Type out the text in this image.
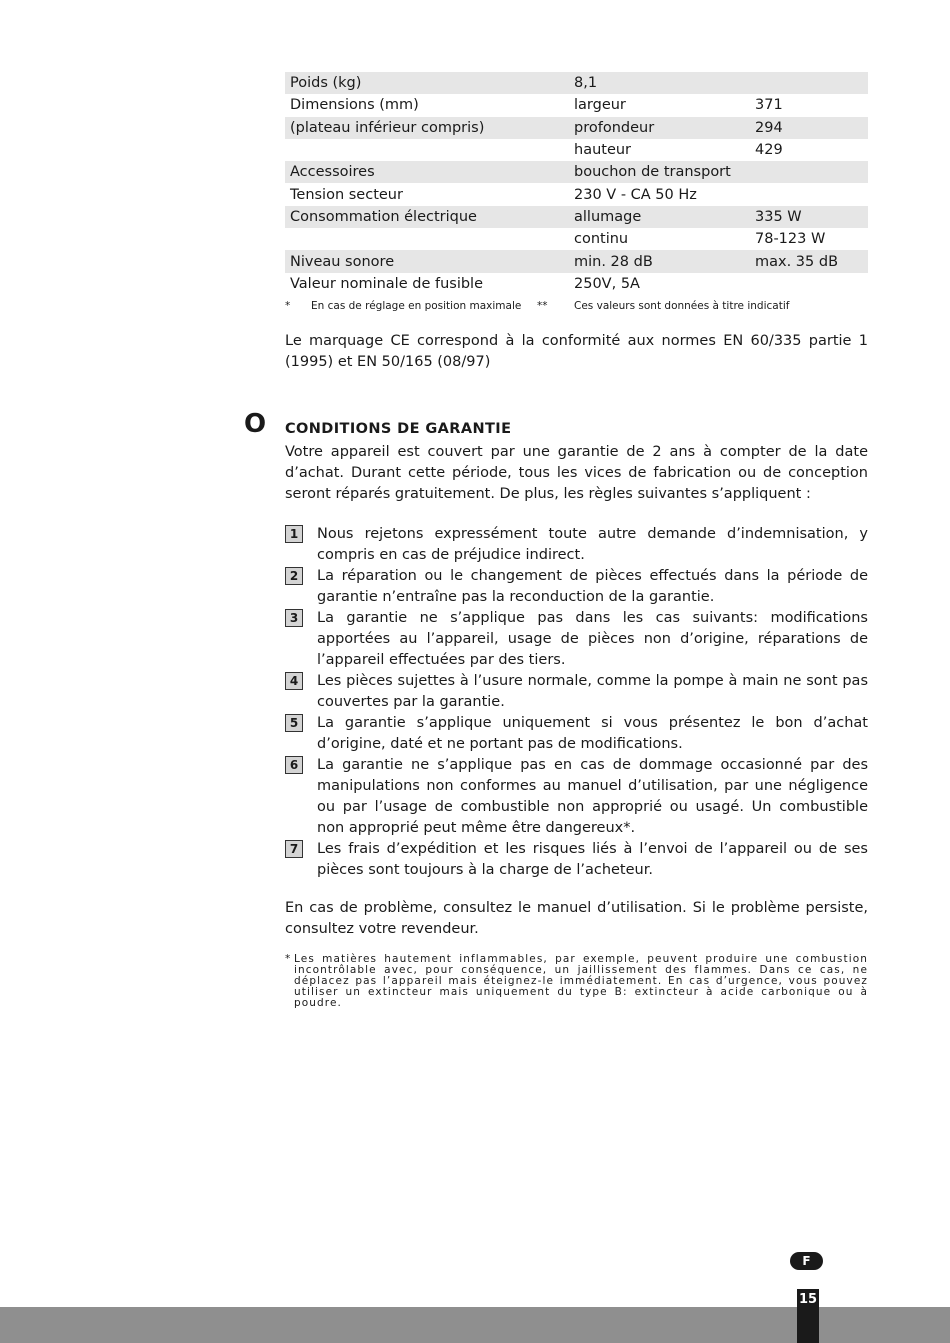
Poids (kg)	8,1	
Dimensions (mm)	largeur	371
(plateau inférieur compris)	profondeur	294
	hauteur	429
Accessoires	bouchon de transport	
Tension secteur	230 V - CA 50 Hz	
Consommation électrique	allumage	335 W
	continu	78-123 W
Niveau sonore	min. 28 dB	max. 35 dB
Valeur nominale de fusible	250V, 5A	
* En cas de réglage en position maximale **	Ces valeurs sont données à titre indicatif

Le marquage CE correspond à la conformité aux normes EN 60/335 partie 1 (1995) et EN 50/165 (08/97)

O CONDITIONS DE GARANTIE

Votre appareil est couvert par une garantie de 2 ans à compter de la date d’achat. Durant cette période, tous les vices de fabrication ou de conception seront réparés gratuitement. De plus, les règles suivantes s’appliquent :

1	Nous rejetons expressément toute autre demande d’indemnisation, y compris en cas de préjudice indirect.
2	La réparation ou le changement de pièces effectués dans la période de garantie n’entraîne pas la reconduction de la garantie.
3	La garantie ne s’applique pas dans les cas suivants: modifications apportées au l’appareil, usage de pièces non d’origine, réparations de l’appareil effectuées par des tiers.
4	Les pièces sujettes à l’usure normale, comme la pompe à main ne sont pas couvertes par la garantie.
5	La garantie s’applique uniquement si vous présentez le bon d’achat d’origine, daté et ne portant pas de modifications.
6	La garantie ne s’applique pas en cas de dommage occasionné par des manipulations non conformes au manuel d’utilisation, par une négligence ou par l’usage de combustible non approprié ou usagé. Un combustible non approprié peut même être dangereux*.
7	Les frais d’expédition et les risques liés à l’envoi de l’appareil ou de ses pièces sont toujours à la charge de l’acheteur.

En cas de problème, consultez le manuel d’utilisation. Si le problème persiste, consultez votre revendeur.

* Les matières hautement inflammables, par exemple, peuvent produire une combustion incontrôlable avec, pour conséquence, un jaillissement des flammes. Dans ce cas, ne déplacez pas l’appareil mais éteignez-le immédiatement. En cas d’urgence, vous pouvez utiliser un extincteur mais uniquement du type B: extincteur à acide carbonique ou à poudre.
F
15
